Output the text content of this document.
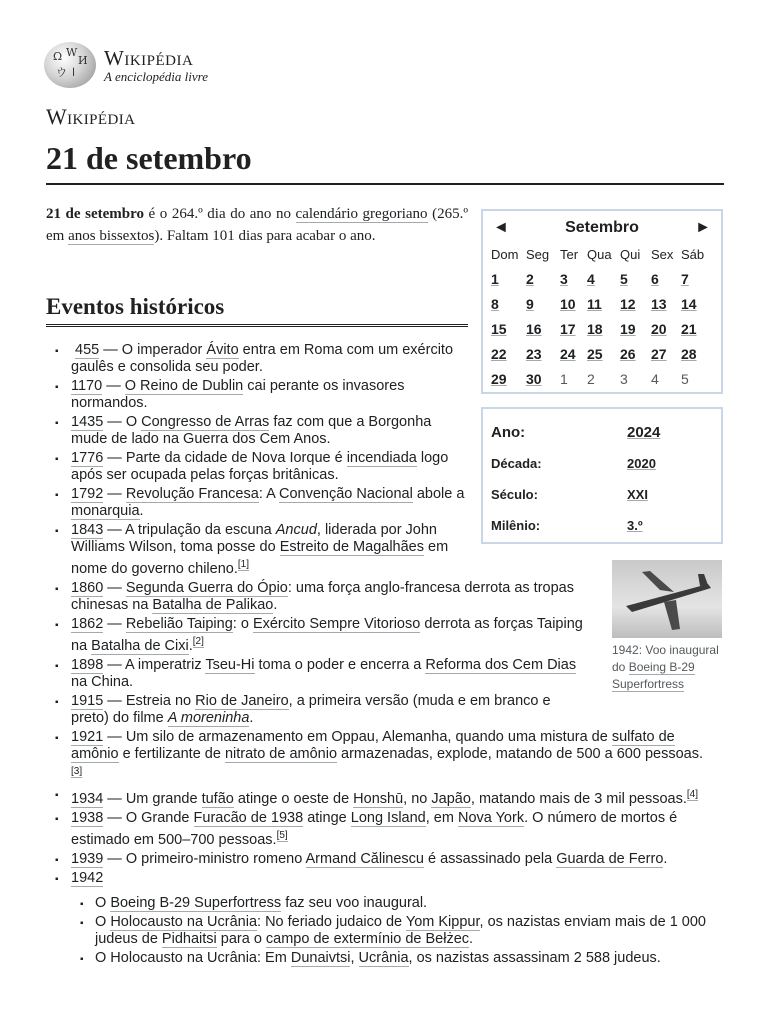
Ω W
И
ウ ا
Wikipédia
A enciclopédia livre
Wikipédia
21 de setembro
21 de setembro é o 264.º dia do ano no calendário gregoriano (265.º em anos bissextos). Faltam 101 dias para acabar o ano.
Eventos históricos
◄	Setembro	►
Dom Seg Ter Qua Qui Sex Sáb
1	2	3	4	5	6	7
8	9	10 11	12	13	14
15	16	17 18	19	20	21
22	23	24 25	26	27	28
29	30	1	2	3	4	5
Ano:	2024
Década:	2020
Século:	XXI
Milênio:	3.º
1942: Voo inaugural do Boeing B-29 Superfortress
▪ 455 — O imperador Ávito entra em Roma com um exército gaulês e consolida seu poder.
▪ 1170 — O Reino de Dublin cai perante os invasores normandos.
▪ 1435 — O Congresso de Arras faz com que a Borgonha mude de lado na Guerra dos Cem Anos.
▪ 1776 — Parte da cidade de Nova Iorque é incendiada logo após ser ocupada pelas forças britânicas.
▪ 1792 — Revolução Francesa: A Convenção Nacional abole a monarquia.
▪ 1843 — A tripulação da escuna Ancud, liderada por John Williams Wilson, toma posse do Estreito de Magalhães em nome do governo chileno.[1]
▪ 1860 — Segunda Guerra do Ópio: uma força anglo-francesa derrota as tropas chinesas na Batalha de Palikao.
▪ 1862 — Rebelião Taiping: o Exército Sempre Vitorioso derrota as forças Taiping na Batalha de Cixi.[2]
▪ 1898 — A imperatriz Tseu-Hi toma o poder e encerra a Reforma dos Cem Dias na China.
▪ 1915 — Estreia no Rio de Janeiro, a primeira versão (muda e em branco e preto) do filme A moreninha.
▪ 1921 — Um silo de armazenamento em Oppau, Alemanha, quando uma mistura de sulfato de amônio e fertilizante de nitrato de amônio armazenadas, explode, matando de 500 a 600 pessoas.[3]
▪ 1934 — Um grande tufão atinge o oeste de Honshū, no Japão, matando mais de 3 mil pessoas.[4]
▪ 1938 — O Grande Furacão de 1938 atinge Long Island, em Nova York. O número de mortos é estimado em 500–700 pessoas.[5]
▪ 1939 — O primeiro-ministro romeno Armand Călinescu é assassinado pela Guarda de Ferro.
▪ 1942
▪ O Boeing B-29 Superfortress faz seu voo inaugural.
▪ O Holocausto na Ucrânia: No feriado judaico de Yom Kippur, os nazistas enviam mais de 1 000 judeus de Pidhaitsi para o campo de extermínio de Bełżec.
▪ O Holocausto na Ucrânia: Em Dunaivtsi, Ucrânia, os nazistas assassinam 2 588 judeus.
